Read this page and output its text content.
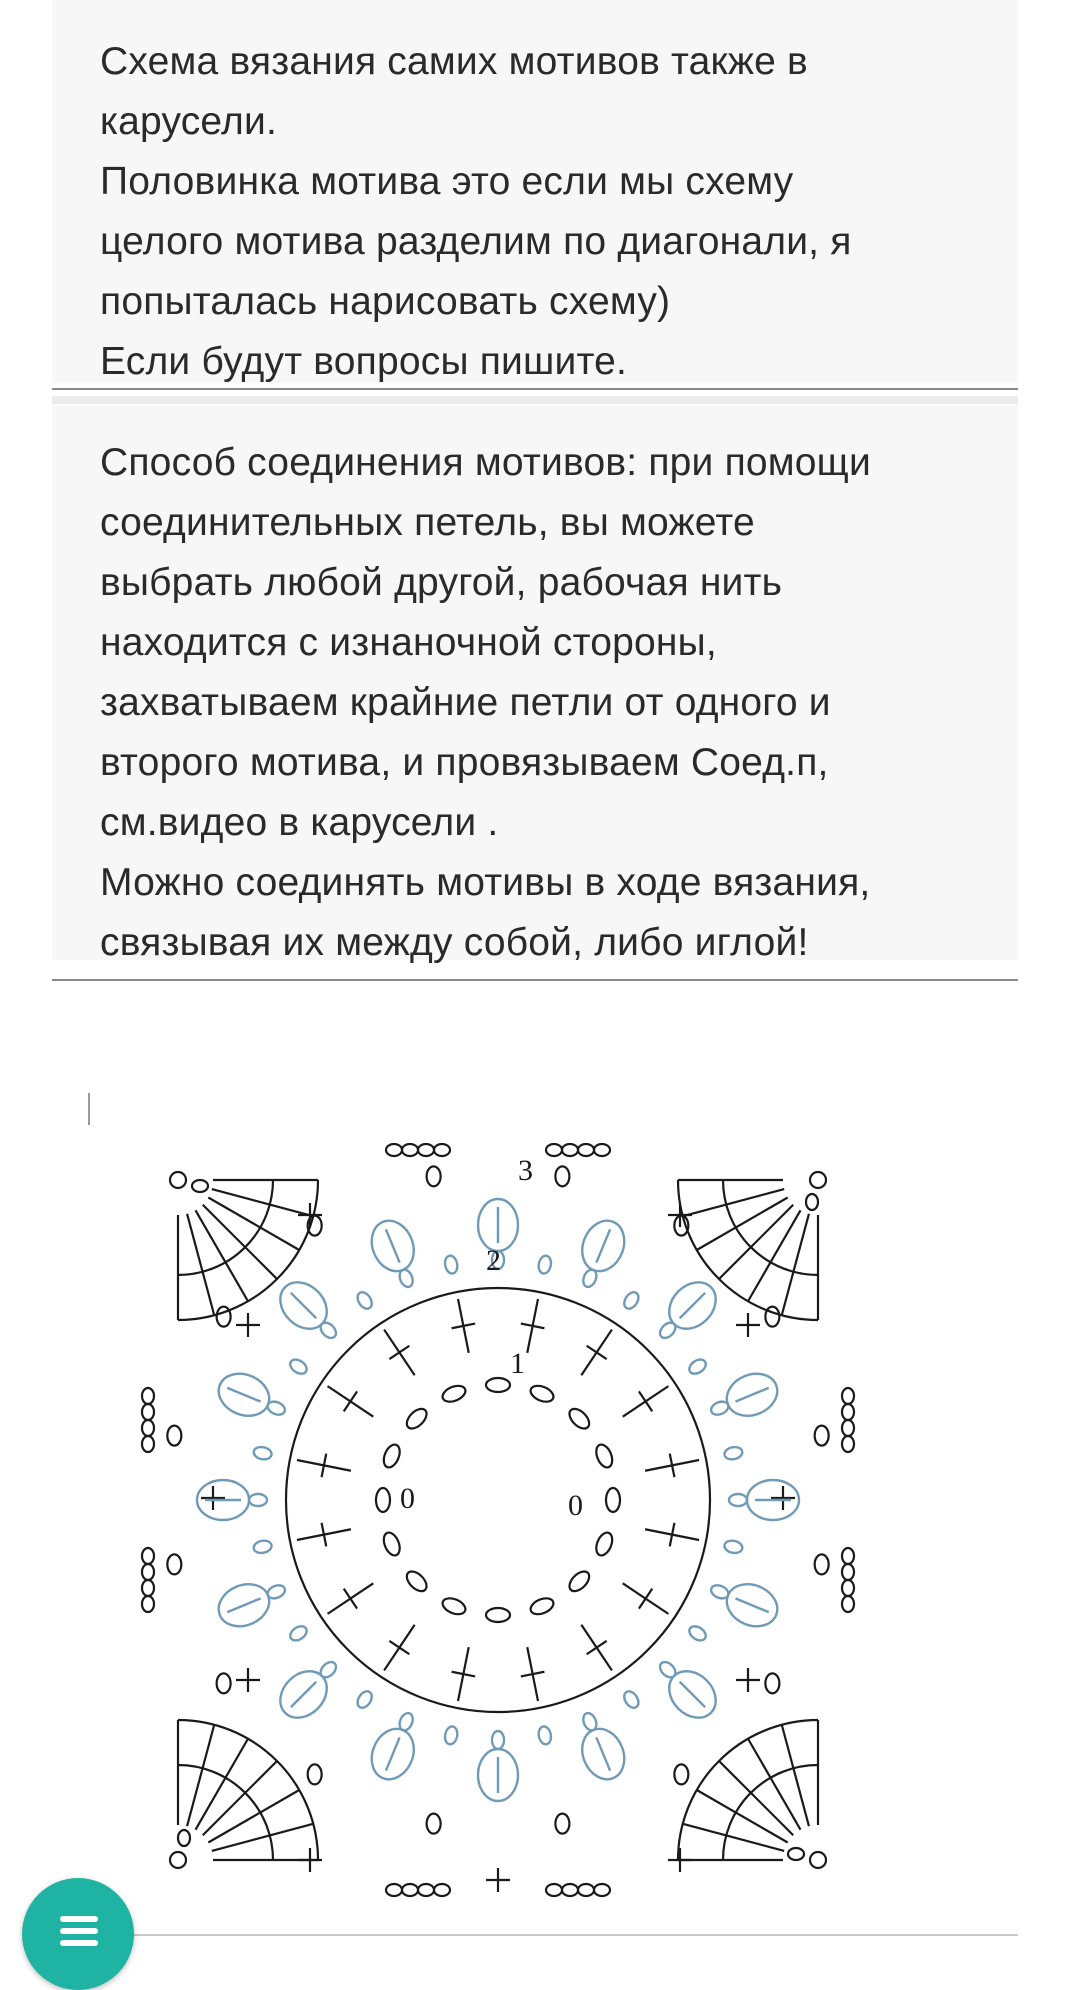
Схема вязания самих мотивов также в

карусели.

Половинка мотива это если мы схему

целого мотива разделим по диагонали, я

попыталась нарисовать схему)

Если будут вопросы пишите.

Способ соединения мотивов: при помощи

соединительных петель, вы можете

выбрать любой другой, рабочая нить

находится с изнаночной стороны,

захватываем крайние петли от одного и

второго мотива, и провязываем Соед.п,

см.видео в карусели .

Можно соединять мотивы в ходе вязания,

связывая их между собой, либо иглой!

3
2
1
0	0
